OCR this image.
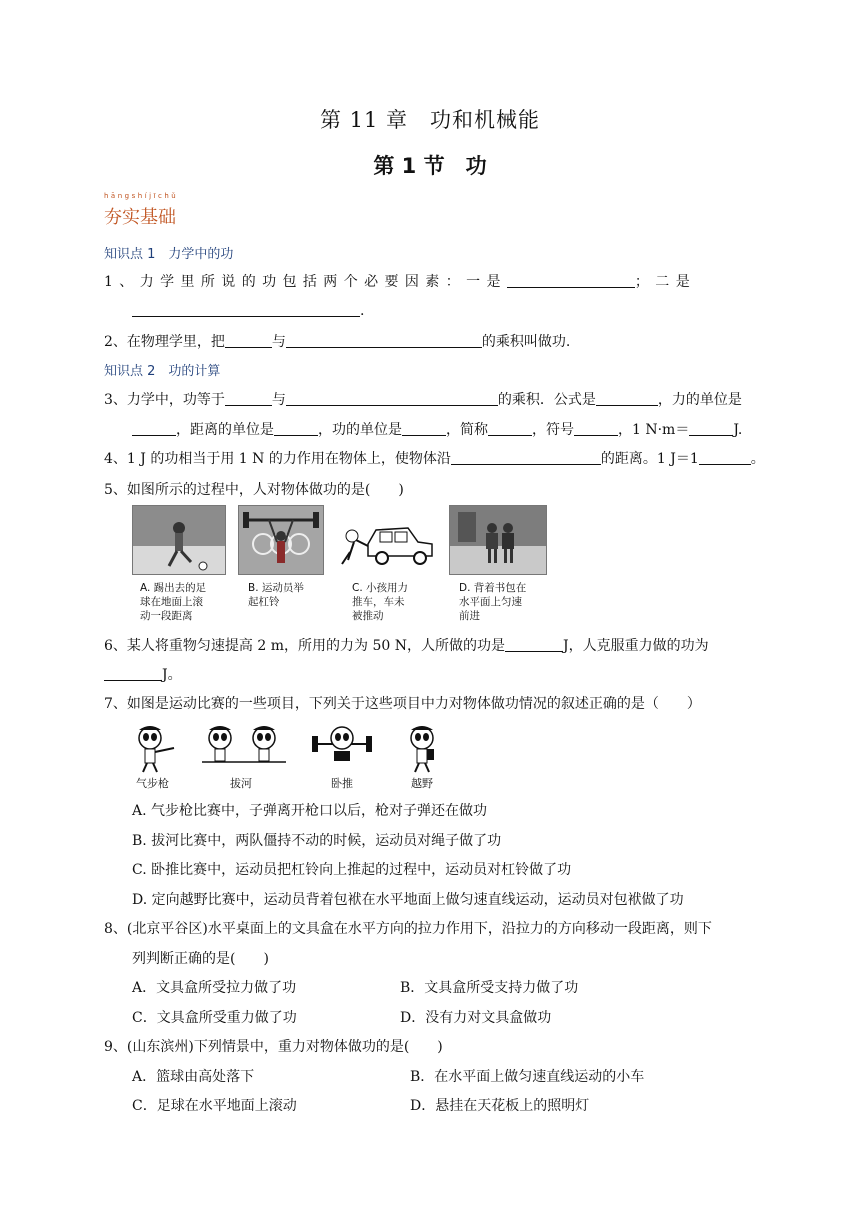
第 11 章　功和机械能
第 1 节　功
hāngshíjīchǔ
夯实基础
知识点 1　力学中的功
1、力学里所说的功包括两个必要因素：一是	；二是
.
2、在物理学里，把	与	的乘积叫做功.
知识点 2　功的计算
3、力学中，功等于	与	的乘积．公式是	，力的单位是
，距离的单位是	，功的单位是	，简称	，符号	，1 N·m＝	J.
4、1 J 的功相当于用 1 N 的力作用在物体上，使物体沿	的距离。1 J＝1	。
5、如图所示的过程中，人对物体做功的是(　　)
A. 踢出去的足
球在地面上滚
动一段距离
B. 运动员举
起杠铃
C. 小孩用力
推车，车未
被推动
D. 背着书包在
水平面上匀速
前进
6、某人将重物匀速提高 2 m，所用的力为 50 N，人所做的功是	J，人克服重力做的功为
J。
7、如图是运动比赛的一些项目，下列关于这些项目中力对物体做功情况的叙述正确的是（　　）
气步枪	拔河	卧推	越野
A. 气步枪比赛中，子弹离开枪口以后，枪对子弹还在做功
B. 拔河比赛中，两队僵持不动的时候，运动员对绳子做了功
C. 卧推比赛中，运动员把杠铃向上推起的过程中，运动员对杠铃做了功
D. 定向越野比赛中，运动员背着包袱在水平地面上做匀速直线运动，运动员对包袱做了功
8、(北京平谷区)水平桌面上的文具盒在水平方向的拉力作用下，沿拉力的方向移动一段距离，则下
列判断正确的是(　　)
A．文具盒所受拉力做了功	B．文具盒所受支持力做了功
C．文具盒所受重力做了功	D．没有力对文具盒做功
9、(山东滨州)下列情景中，重力对物体做功的是(　　)
A．篮球由高处落下	B．在水平面上做匀速直线运动的小车
C．足球在水平地面上滚动	D．悬挂在天花板上的照明灯
